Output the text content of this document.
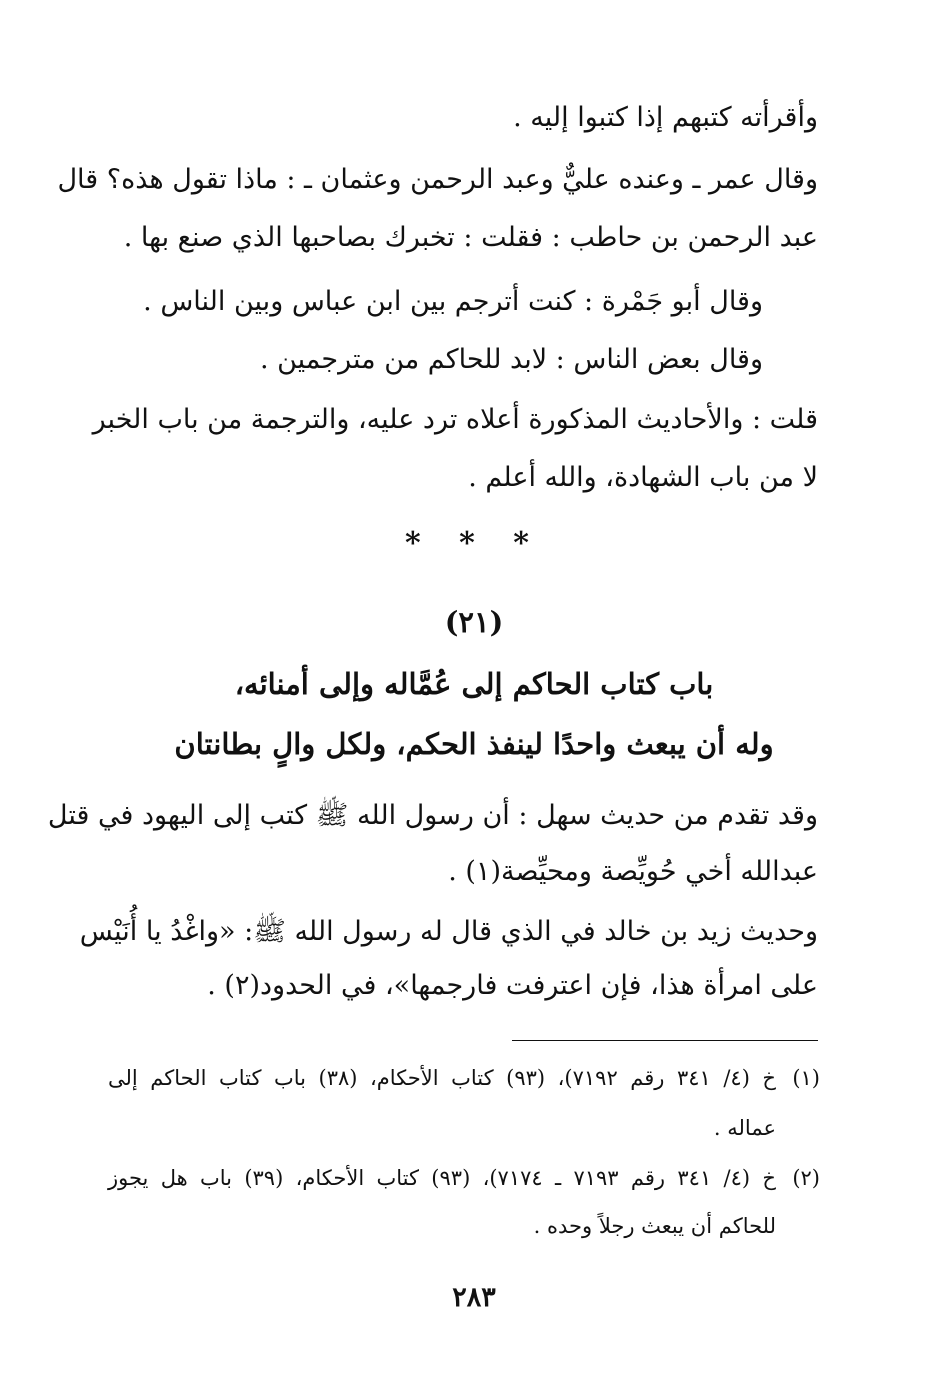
وأقرأته كتبهم إذا كتبوا إليه .

وقال عمر ـ وعنده عليٌّ وعبد الرحمن وعثمان ـ : ماذا تقول هذه؟ قال

عبد الرحمن بن حاطب : فقلت : تخبرك بصاحبها الذي صنع بها .

وقال أبو جَمْرة : كنت أترجم بين ابن عباس وبين الناس .

وقال بعض الناس : لابد للحاكم من مترجمين .

قلت : والأحاديث المذكورة أعلاه ترد عليه، والترجمة من باب الخبر

لا من باب الشهادة، والله أعلم .

* * *

(٢١)

باب كتاب الحاكم إلى عُمَّاله وإلى أمنائه،

وله أن يبعث واحدًا لينفذ الحكم، ولكل والٍ بطانتان

وقد تقدم من حديث سهل : أن رسول الله ﷺ كتب إلى اليهود في قتل

عبدالله أخي حُويِّصة ومحيِّصة(١) .

وحديث زيد بن خالد في الذي قال له رسول الله ﷺ: «واغْدُ يا أُنَيْس

على امرأة هذا، فإن اعترفت فارجمها»، في الحدود(٢) .

(١)

خ (٤/ ٣٤١ رقم ٧١٩٢)، (٩٣) كتاب الأحكام، (٣٨) باب كتاب الحاكم إلى

عماله .

(٢)

خ (٤/ ٣٤١ رقم ٧١٩٣ ـ ٧١٧٤)، (٩٣) كتاب الأحكام، (٣٩) باب هل يجوز

للحاكم أن يبعث رجلاً وحده .

٢٨٣
